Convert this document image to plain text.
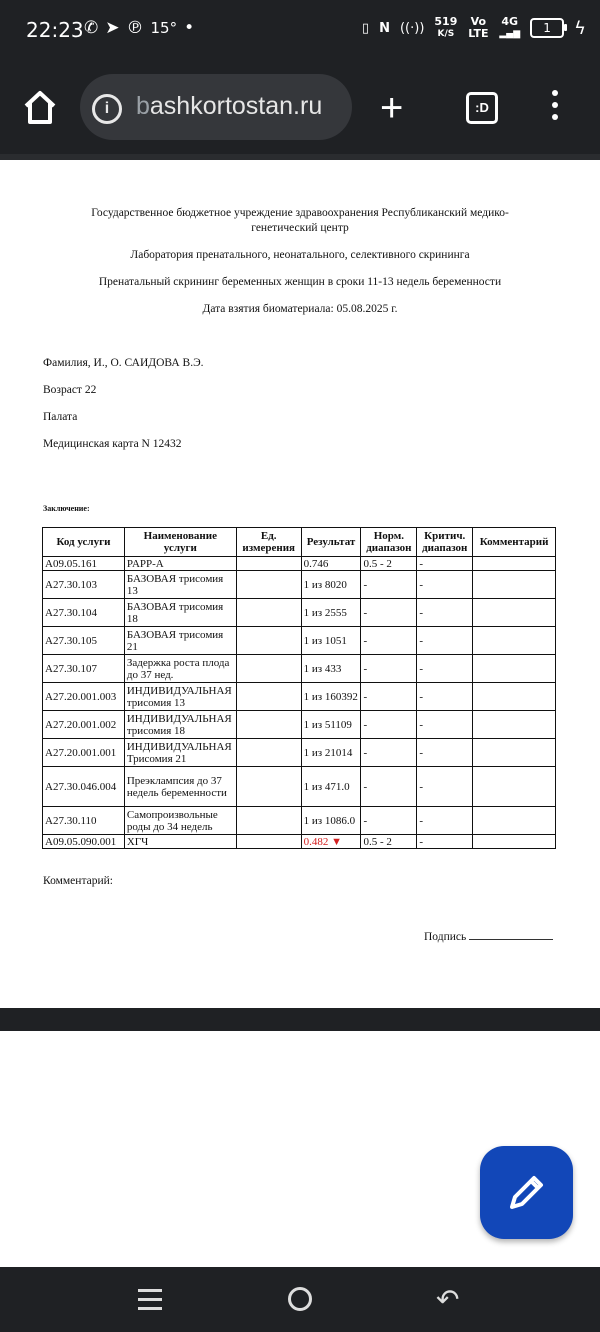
22:23 ✆ ➤ ℗ 15° •	▯ Ν ((·)) 519
K/S
Vo LTE
4G
▂▄▆	1	ϟ
i	bashkortostan.ru	+	:D
Государственное бюджетное учреждение здравоохранения Республиканский медико-
генетический центр
Лаборатория пренатального, неонатального, селективного скрининга
Пренатальный скрининг беременных женщин в сроки 11-13 недель беременности
Дата взятия биоматериала: 05.08.2025 г.
Фамилия, И., О. САИДОВА В.Э.
Возраст 22
Палата
Медицинская карта N 12432
Заключение:
Код услуги	Наименование услуги	Ед. измерения	Результат	Норм. диапазон	Критич. диапазон	Комментарий
A09.05.161	PAPP-A		0.746	0.5 - 2	-	
A27.30.103	БАЗОВАЯ трисомия 13		1 из 8020	-	-	
A27.30.104	БАЗОВАЯ трисомия 18		1 из 2555	-	-	
A27.30.105	БАЗОВАЯ трисомия 21		1 из 1051	-	-	
A27.30.107	Задержка роста плода до 37 нед.		1 из 433	-	-	
A27.20.001.003	ИНДИВИДУАЛЬНАЯ трисомия 13		1 из 160392	-	-	
A27.20.001.002	ИНДИВИДУАЛЬНАЯ трисомия 18		1 из 51109	-	-	
A27.20.001.001	ИНДИВИДУАЛЬНАЯ Трисомия 21		1 из 21014	-	-	
A27.30.046.004	Преэклампсия до 37 недель беременности		1 из 471.0	-	-	
A27.30.110	Самопроизвольные роды до 34 недель		1 из 1086.0	-	-	
A09.05.090.001	ХГЧ		0.482 ▼	0.5 - 2	-	
Комментарий:
Подпись
↶
